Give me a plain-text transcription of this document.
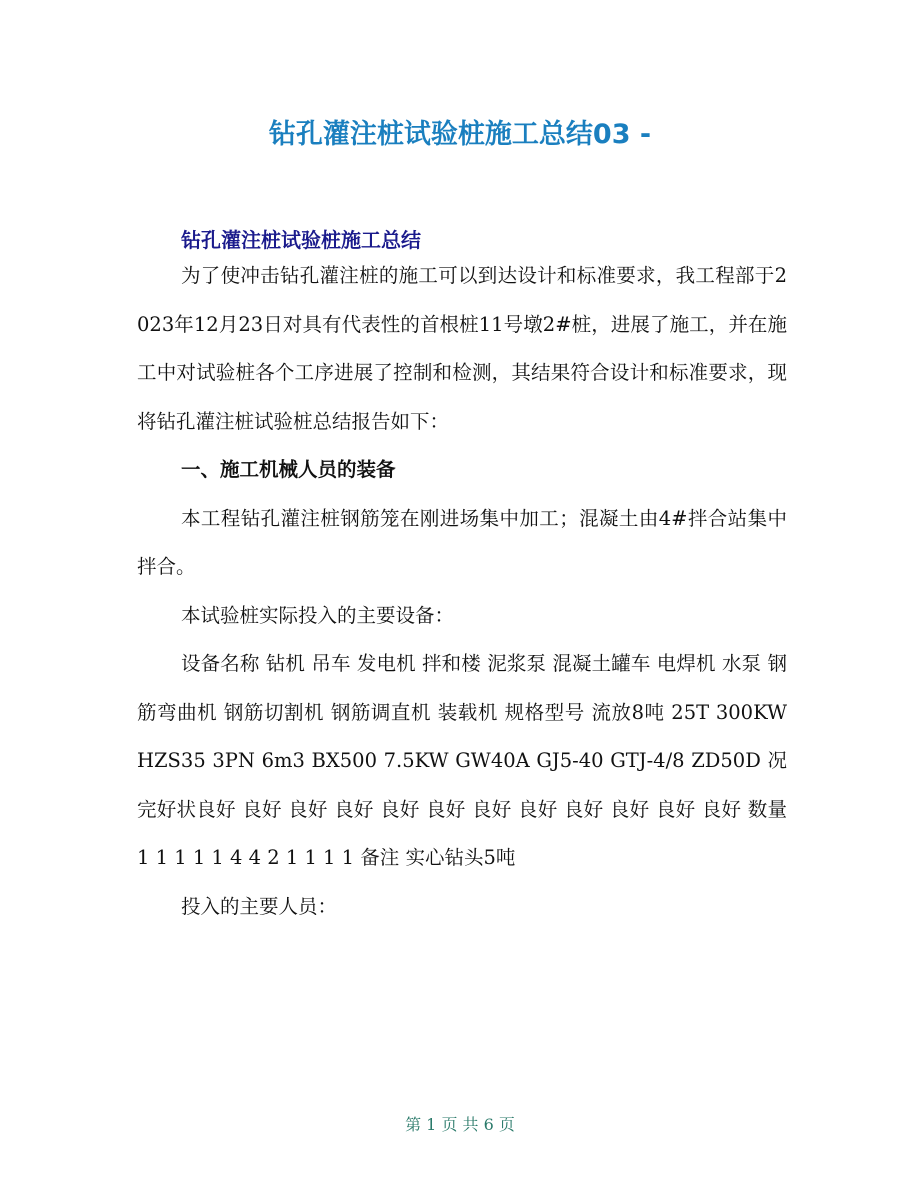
钻孔灌注桩试验桩施工总结03 -
钻孔灌注桩试验桩施工总结

为了使冲击钻孔灌注桩的施工可以到达设计和标准要求，我工程部于2023年12月23日对具有代表性的首根桩11号墩2#桩，进展了施工，并在施工中对试验桩各个工序进展了控制和检测，其结果符合设计和标准要求，现将钻孔灌注桩试验桩总结报告如下：

一、施工机械人员的装备

本工程钻孔灌注桩钢筋笼在刚进场集中加工；混凝土由4#拌合站集中拌合。

本试验桩实际投入的主要设备：

设备名称 钻机 吊车 发电机 拌和楼 泥浆泵 混凝土罐车 电焊机 水泵 钢筋弯曲机 钢筋切割机 钢筋调直机 装载机 规格型号 流放8吨 25T 300KW HZS35 3PN 6m3 BX500 7.5KW GW40A GJ5-40 GTJ-4/8 ZD50D 况 完好状良好 良好 良好 良好 良好 良好 良好 良好 良好 良好 良好 良好 数量 1 1 1 1 1 4 4 2 1 1 1 1 备注 实心钻头5吨

投入的主要人员：

第 1 页 共 6 页
